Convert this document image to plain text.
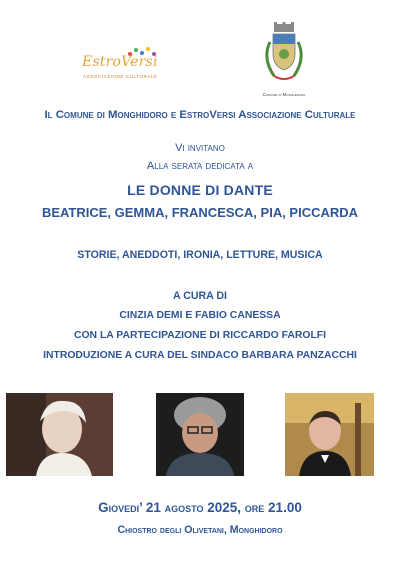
EstroVersi
ASSOCIAZIONE CULTURALE
Comune di Monghidoro
Il Comune di Monghidoro e EstroVersi Associazione Culturale
Vi invitano
Alla serata dedicata a
LE DONNE DI DANTE
BEATRICE, GEMMA, FRANCESCA, PIA, PICCARDA
STORIE, ANEDDOTI, IRONIA, LETTURE, MUSICA
A CURA DI
CINZIA DEMI E FABIO CANESSA
CON LA PARTECIPAZIONE DI RICCARDO FAROLFI
INTRODUZIONE A CURA DEL SINDACO BARBARA PANZACCHI
Giovedi’ 21 agosto 2025, ore 21.00
Chiostro degli Olivetani, Monghidoro
